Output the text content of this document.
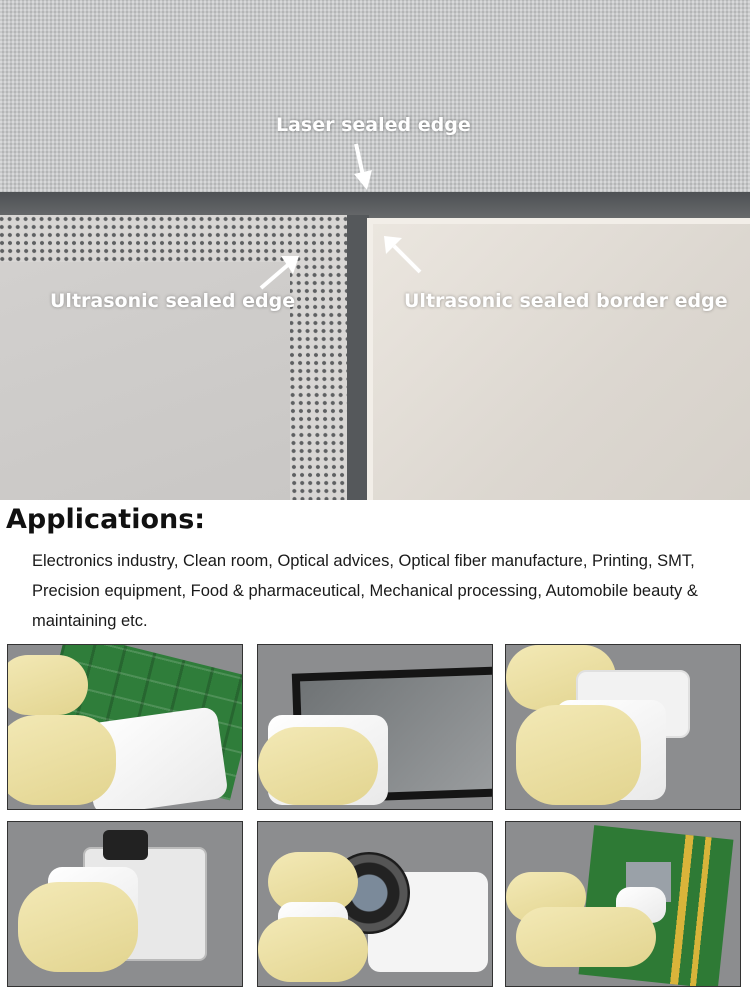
Laser sealed edge
Ultrasonic sealed edge	Ultrasonic sealed border edge
Applications:

Electronics industry, Clean room, Optical advices, Optical fiber manufacture, Printing, SMT, Precision equipment, Food & pharmaceutical, Mechanical processing, Automobile beauty & maintaining etc.
